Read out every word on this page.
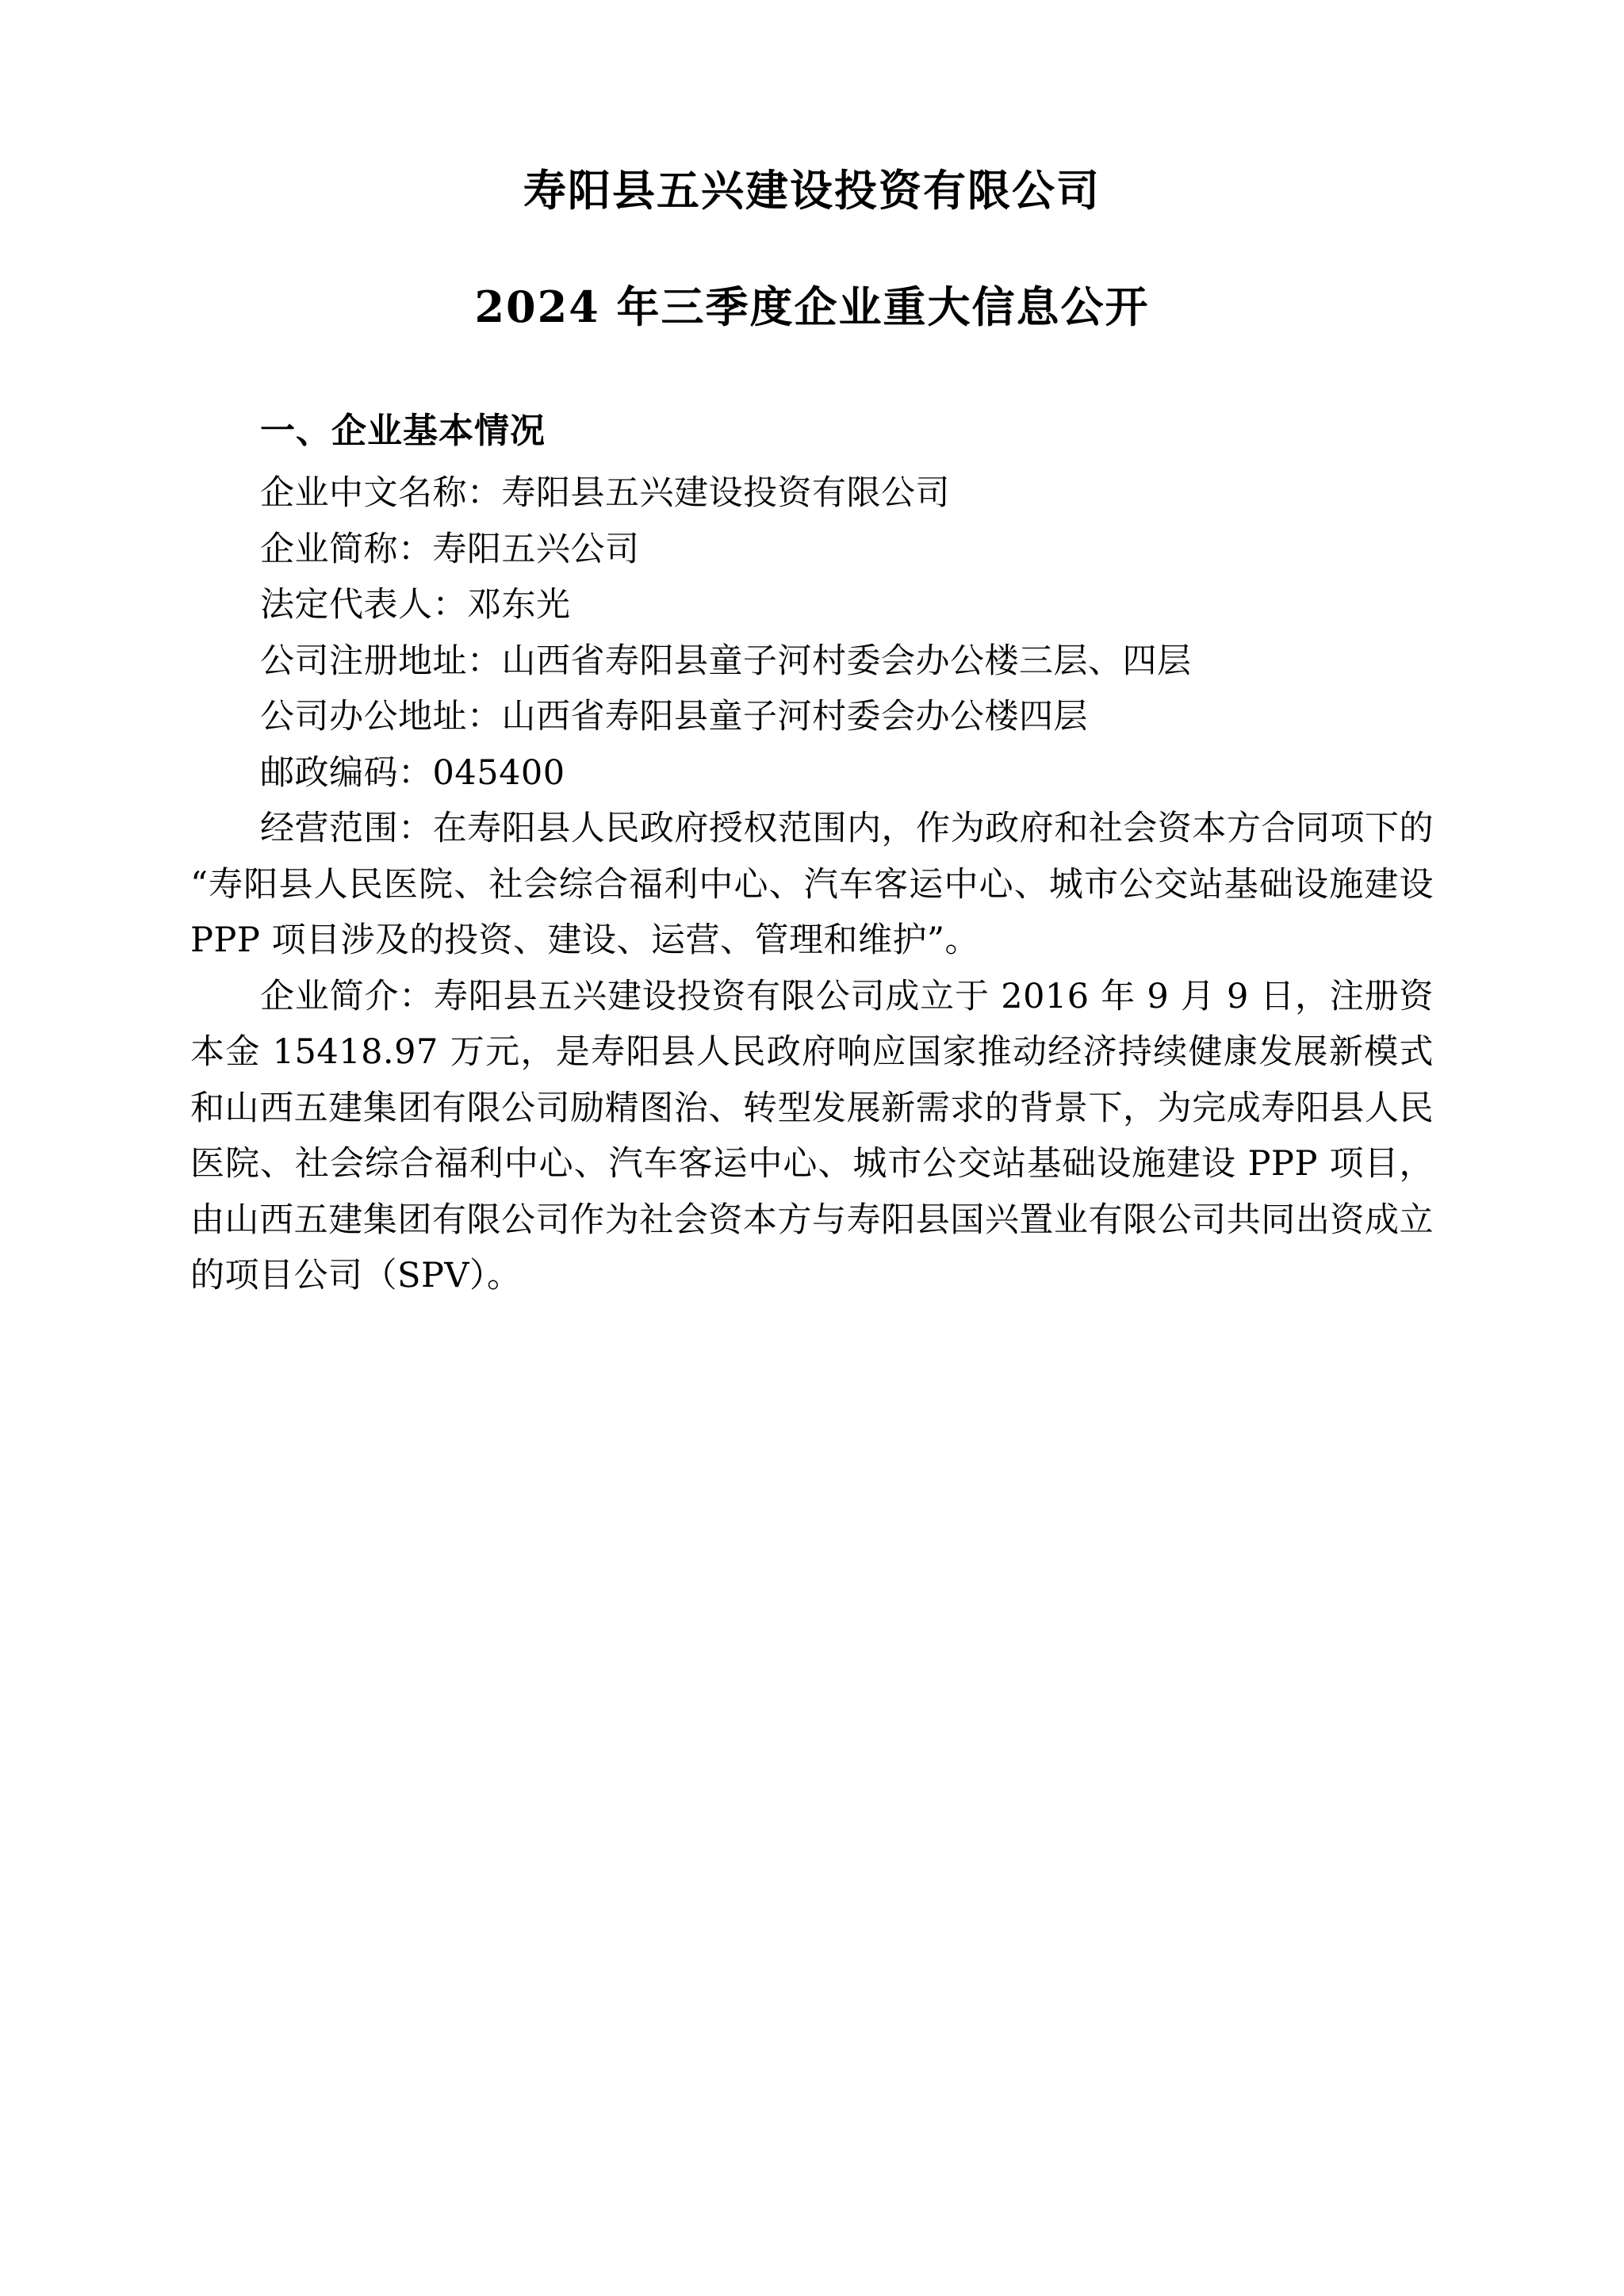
寿阳县五兴建设投资有限公司
2024 年三季度企业重大信息公开
一、企业基本情况

企业中文名称：寿阳县五兴建设投资有限公司

企业简称：寿阳五兴公司

法定代表人：邓东光

公司注册地址：山西省寿阳县童子河村委会办公楼三层、四层

公司办公地址：山西省寿阳县童子河村委会办公楼四层

邮政编码：045400

经营范围：在寿阳县人民政府授权范围内，作为政府和社会资本方合同项下的“寿阳县人民医院、社会综合福利中心、汽车客运中心、城市公交站基础设施建设 PPP 项目涉及的投资、建设、运营、管理和维护”。

企业简介：寿阳县五兴建设投资有限公司成立于 2016 年 9 月 9 日，注册资本金 15418.97 万元，是寿阳县人民政府响应国家推动经济持续健康发展新模式和山西五建集团有限公司励精图治、转型发展新需求的背景下，为完成寿阳县人民医院、社会综合福利中心、汽车客运中心、城市公交站基础设施建设 PPP 项目，由山西五建集团有限公司作为社会资本方与寿阳县国兴置业有限公司共同出资成立的项目公司（SPV）。
